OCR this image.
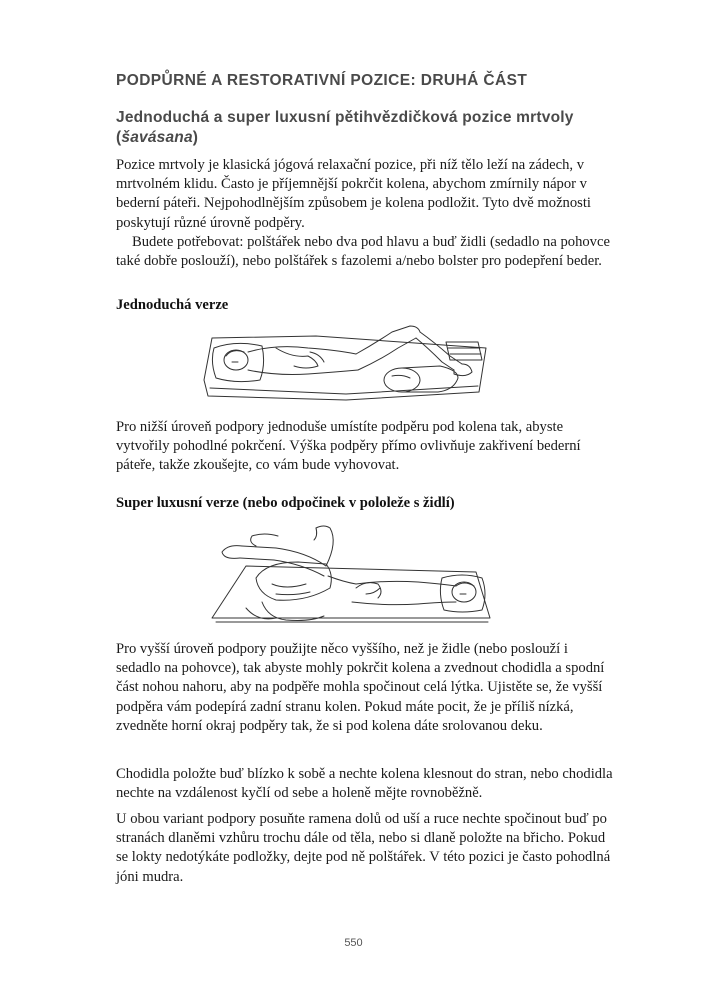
PODPŮRNÉ A RESTORATIVNÍ POZICE: DRUHÁ ČÁST
Jednoduchá a super luxusní pětihvězdičková pozice mrtvoly (šavásana)

Pozice mrtvoly je klasická jógová relaxační pozice, při níž tělo leží na zádech, v mrtvolném klidu. Často je příjemnější pokrčit kolena, abychom zmírnily nápor v bederní páteři. Nejpohodlnějším způsobem je kolena podložit. Tyto dvě možnosti poskytují různé úrovně podpěry.

Budete potřebovat: polštářek nebo dva pod hlavu a buď židli (sedadlo na pohovce také dobře poslouží), nebo polštářek s fazolemi a/nebo bolster pro podepření beder.

Jednoduchá verze

Pro nižší úroveň podpory jednoduše umístíte podpěru pod kolena tak, abyste vytvořily pohodlné pokrčení. Výška podpěry přímo ovlivňuje zakřivení bederní páteře, takže zkoušejte, co vám bude vyhovovat.

Super luxusní verze (nebo odpočinek v pololeže s židlí)

Pro vyšší úroveň podpory použijte něco vyššího, než je židle (nebo poslouží i sedadlo na pohovce), tak abyste mohly pokrčit kolena a zvednout chodidla a spodní část nohou nahoru, aby na podpěře mohla spočinout celá lýtka. Ujistěte se, že vyšší podpěra vám podepírá zadní stranu kolen. Pokud máte pocit, že je příliš nízká, zvedněte horní okraj podpěry tak, že si pod kolena dáte srolovanou deku.

Chodidla položte buď blízko k sobě a nechte kolena klesnout do stran, nebo chodidla nechte na vzdálenost kyčlí od sebe a holeně mějte rovnoběžně.

U obou variant podpory posuňte ramena dolů od uší a ruce nechte spočinout buď po stranách dlaněmi vzhůru trochu dále od těla, nebo si dlaně položte na břicho. Pokud se lokty nedotýkáte podložky, dejte pod ně polštářek. V této pozici je často pohodlná jóni mudra.

550
